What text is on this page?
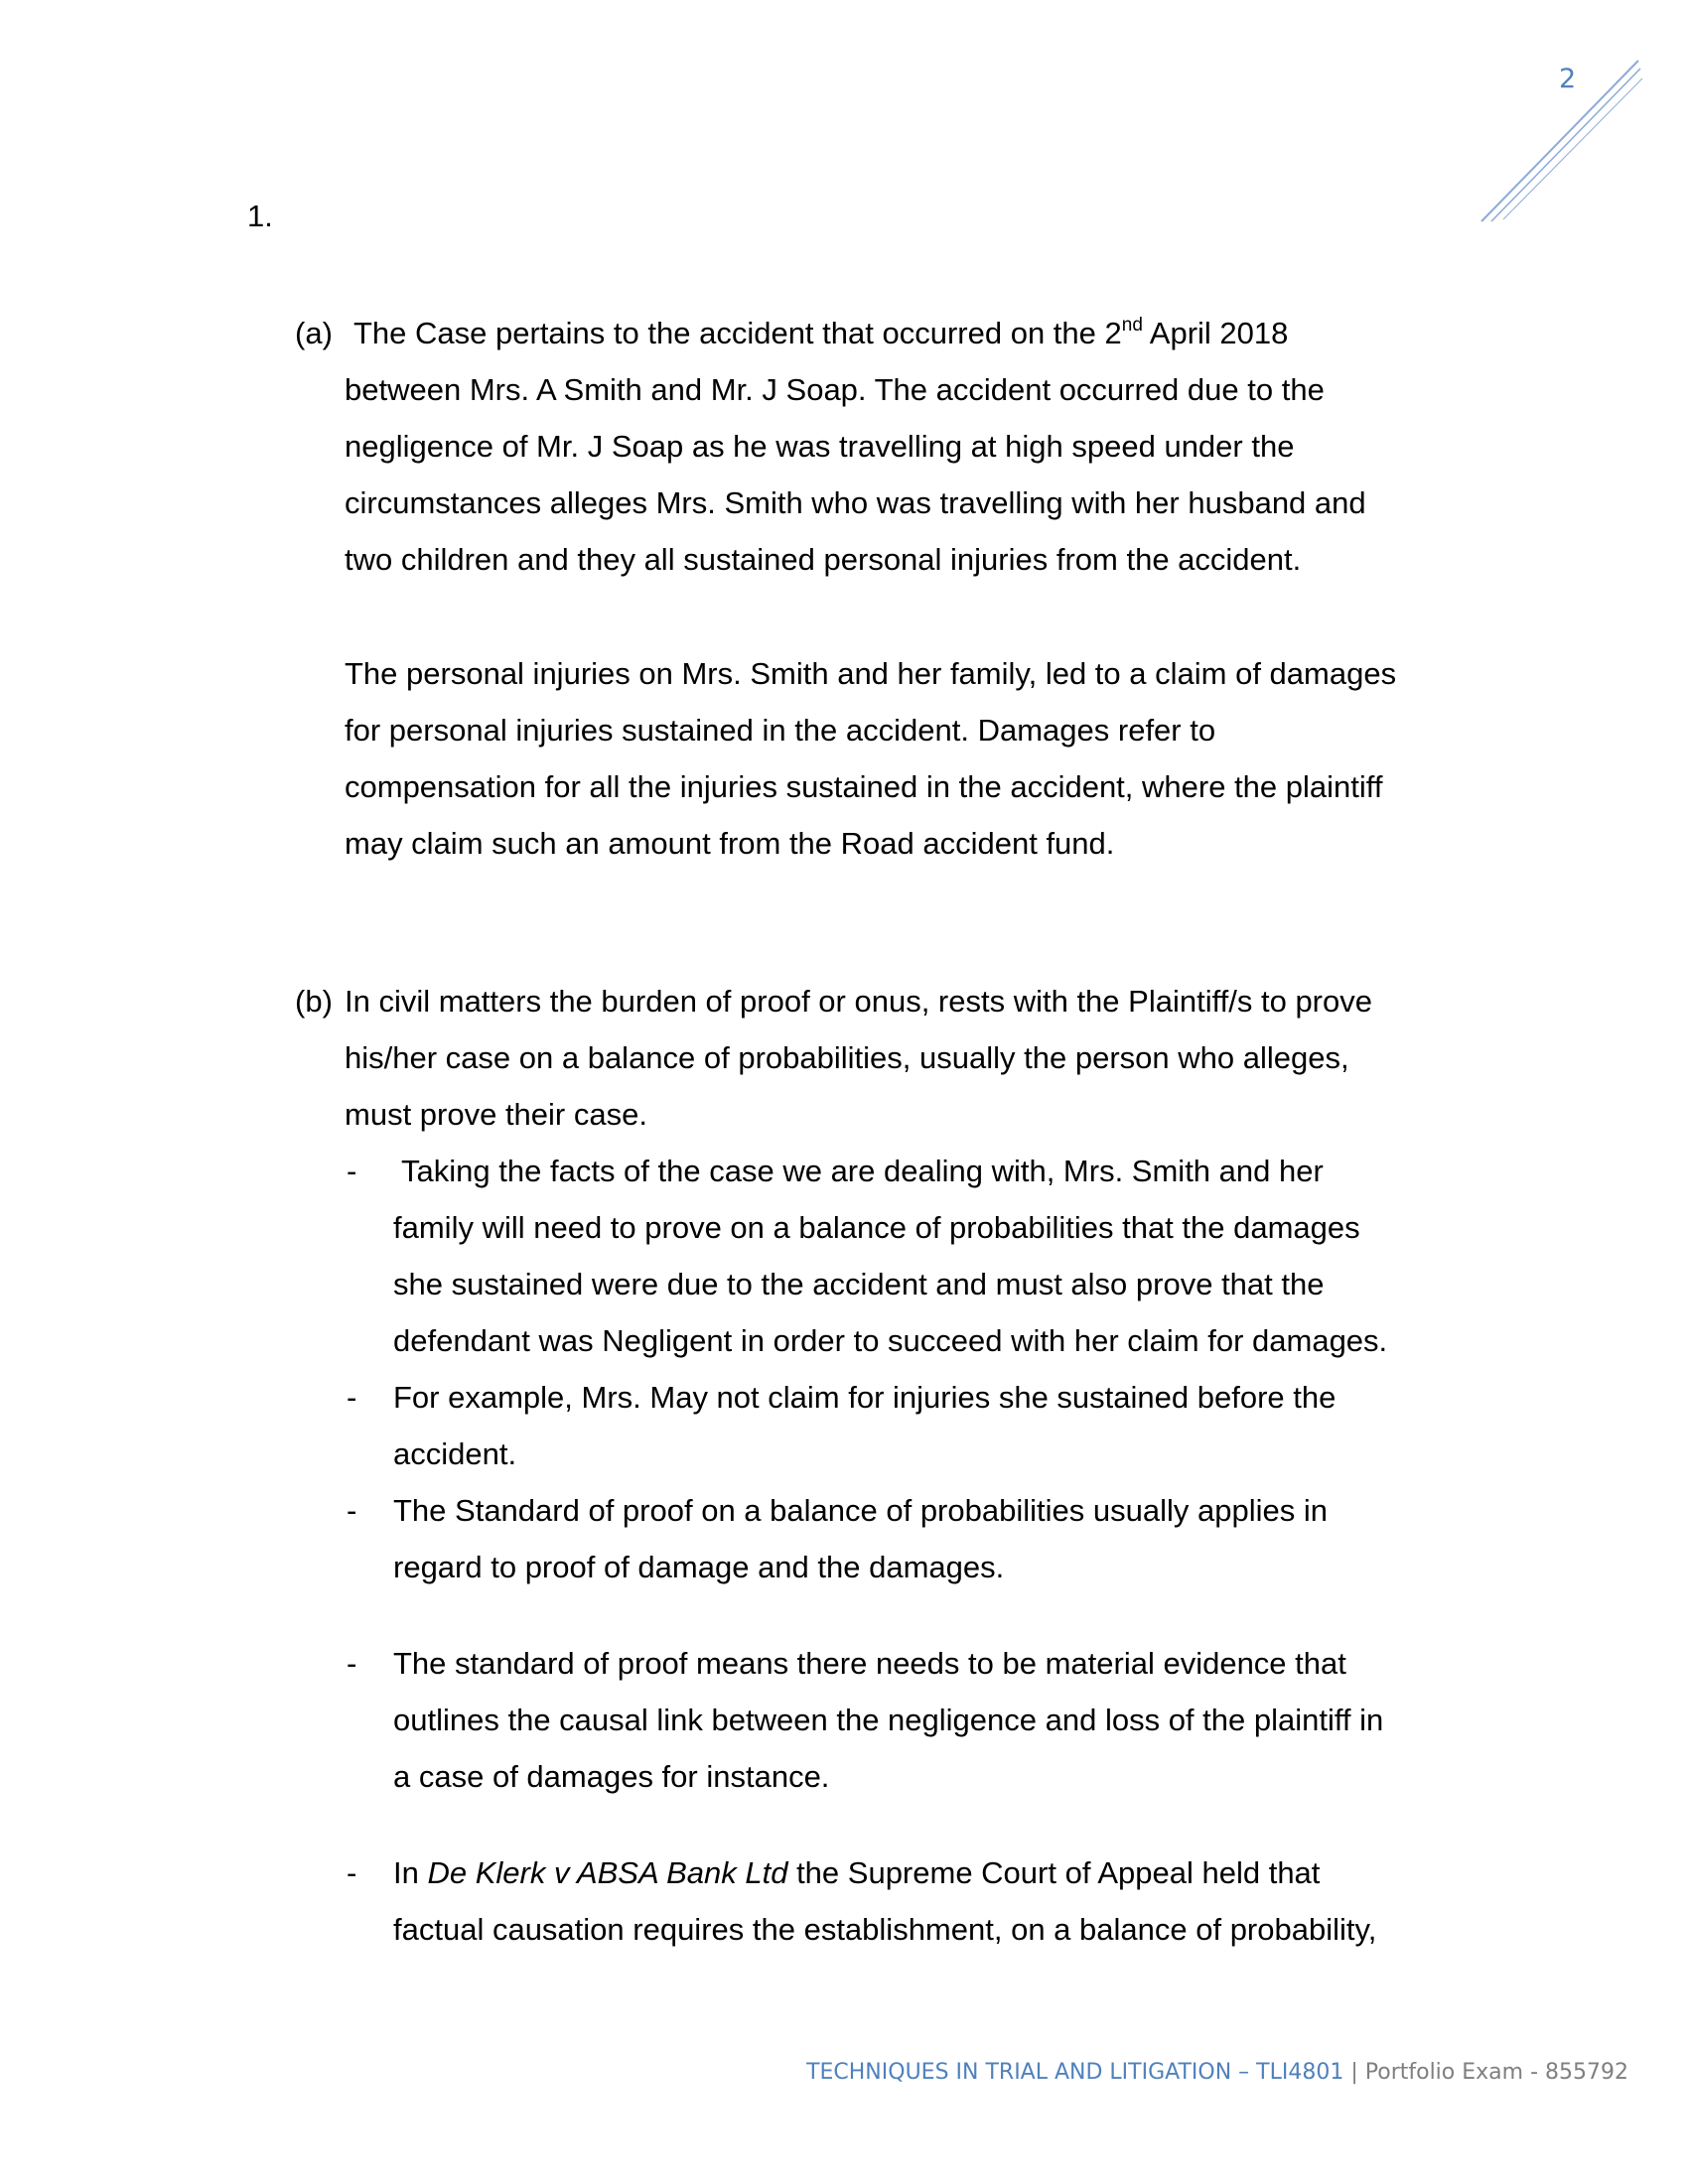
2
1.
(a) The Case pertains to the accident that occurred on the 2nd April 2018
between Mrs. A Smith and Mr. J Soap. The accident occurred due to the
negligence of Mr. J Soap as he was travelling at high speed under the
circumstances alleges Mrs. Smith who was travelling with her husband and
two children and they all sustained personal injuries from the accident.
The personal injuries on Mrs. Smith and her family, led to a claim of damages
for personal injuries sustained in the accident. Damages refer to
compensation for all the injuries sustained in the accident, where the plaintiff
may claim such an amount from the Road accident fund.
(b) In civil matters the burden of proof or onus, rests with the Plaintiff/s to prove
his/her case on a balance of probabilities, usually the person who alleges,
must prove their case.
- Taking the facts of the case we are dealing with, Mrs. Smith and her
family will need to prove on a balance of probabilities that the damages
she sustained were due to the accident and must also prove that the
defendant was Negligent in order to succeed with her claim for damages.
- For example, Mrs. May not claim for injuries she sustained before the
accident.
- The Standard of proof on a balance of probabilities usually applies in
regard to proof of damage and the damages.
- The standard of proof means there needs to be material evidence that
outlines the causal link between the negligence and loss of the plaintiff in
a case of damages for instance.
- In De Klerk v ABSA Bank Ltd the Supreme Court of Appeal held that
factual causation requires the establishment, on a balance of probability,
TECHNIQUES IN TRIAL AND LITIGATION – TLI4801 | Portfolio Exam - 855792
